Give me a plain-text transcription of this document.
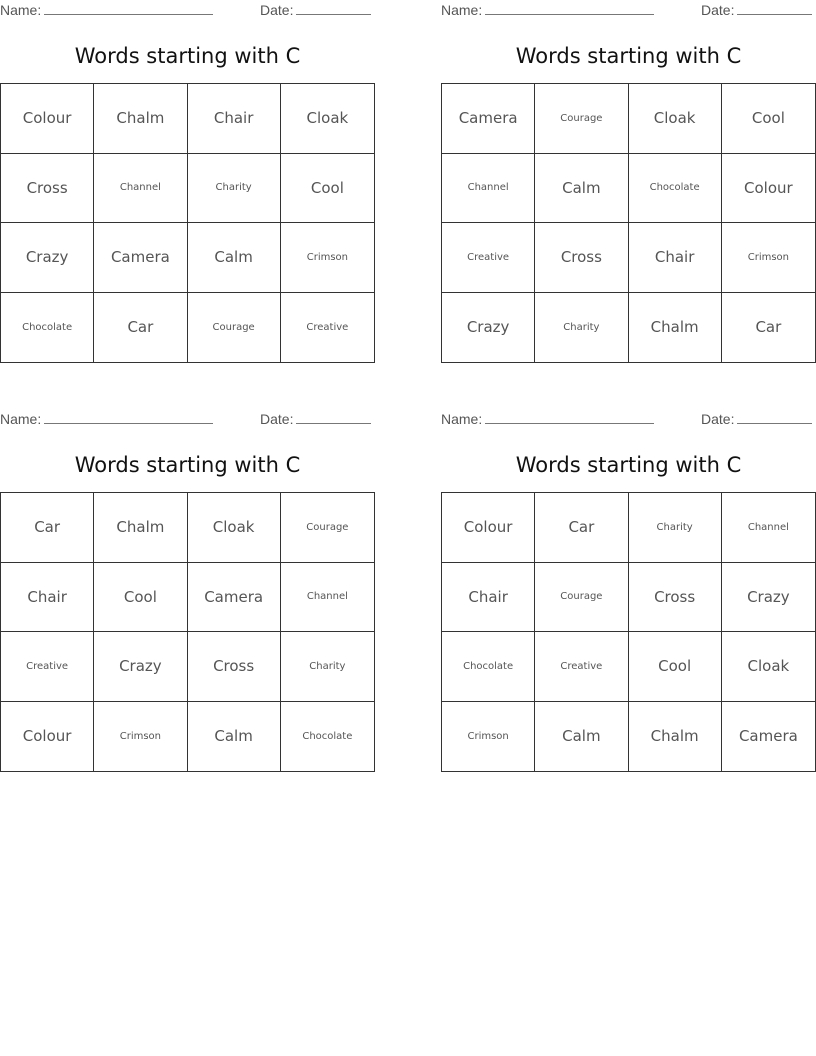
Name:	Date:
Words starting with C
Colour	Chalm	Chair	Cloak
Cross	Channel	Charity	Cool
Crazy	Camera	Calm	Crimson
Chocolate	Car	Courage	Creative
Name:	Date:
Words starting with C
Camera	Courage	Cloak	Cool
Channel	Calm	Chocolate	Colour
Creative	Cross	Chair	Crimson
Crazy	Charity	Chalm	Car
Name:	Date:
Words starting with C
Car	Chalm	Cloak	Courage
Chair	Cool	Camera	Channel
Creative	Crazy	Cross	Charity
Colour	Crimson	Calm	Chocolate
Name:	Date:
Words starting with C
Colour	Car	Charity	Channel
Chair	Courage	Cross	Crazy
Chocolate	Creative	Cool	Cloak
Crimson	Calm	Chalm	Camera
